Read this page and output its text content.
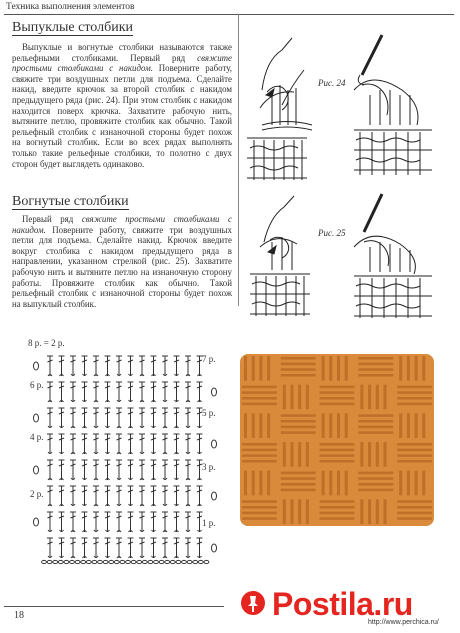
Техника выполнения элементов
Выпуклые столбики
Выпуклые и вогнутые столбики называются также рельефными столбиками. Первый ряд свяжите простыми столбиками с накидом. Поверните работу, свяжите три воздушных петли для подъема. Сделайте накид, введите крючок за второй столбик с накидом предыдущего ряда (рис. 24). При этом столбик с накидом находится поверх крючка. Захватите рабочую нить, вытяните петлю, провяжите столбик как обычно. Такой рельефный столбик с изнаночной стороны будет похож на вогнутый столбик. Если во всех рядах выполнять только такие рельефные столбики, то полотно с двух сторон будет выглядеть одинаково.
Рис. 24
Вогнутые столбики
Первый ряд свяжите простыми столбиками с накидом. Поверните работу, свяжите три воздушных петли для подъема. Сделайте накид. Крючок введите вокруг столбика с накидом предыдущего ряда в направлении, указанном стрелкой (рис. 25). Захватите рабочую нить и вытяните петлю на изнаночную сторону работы. Провяжите столбик как обычно. Такой рельефный столбик с изнаночной стороны будет похож на выпуклый столбик.
Рис. 25
8 р. = 2 р.
6 р.
4 р.
2 р.
7 р.
5 р.
3 р.
1 р.
18	Postila.ru
http://www.perchica.ru/
